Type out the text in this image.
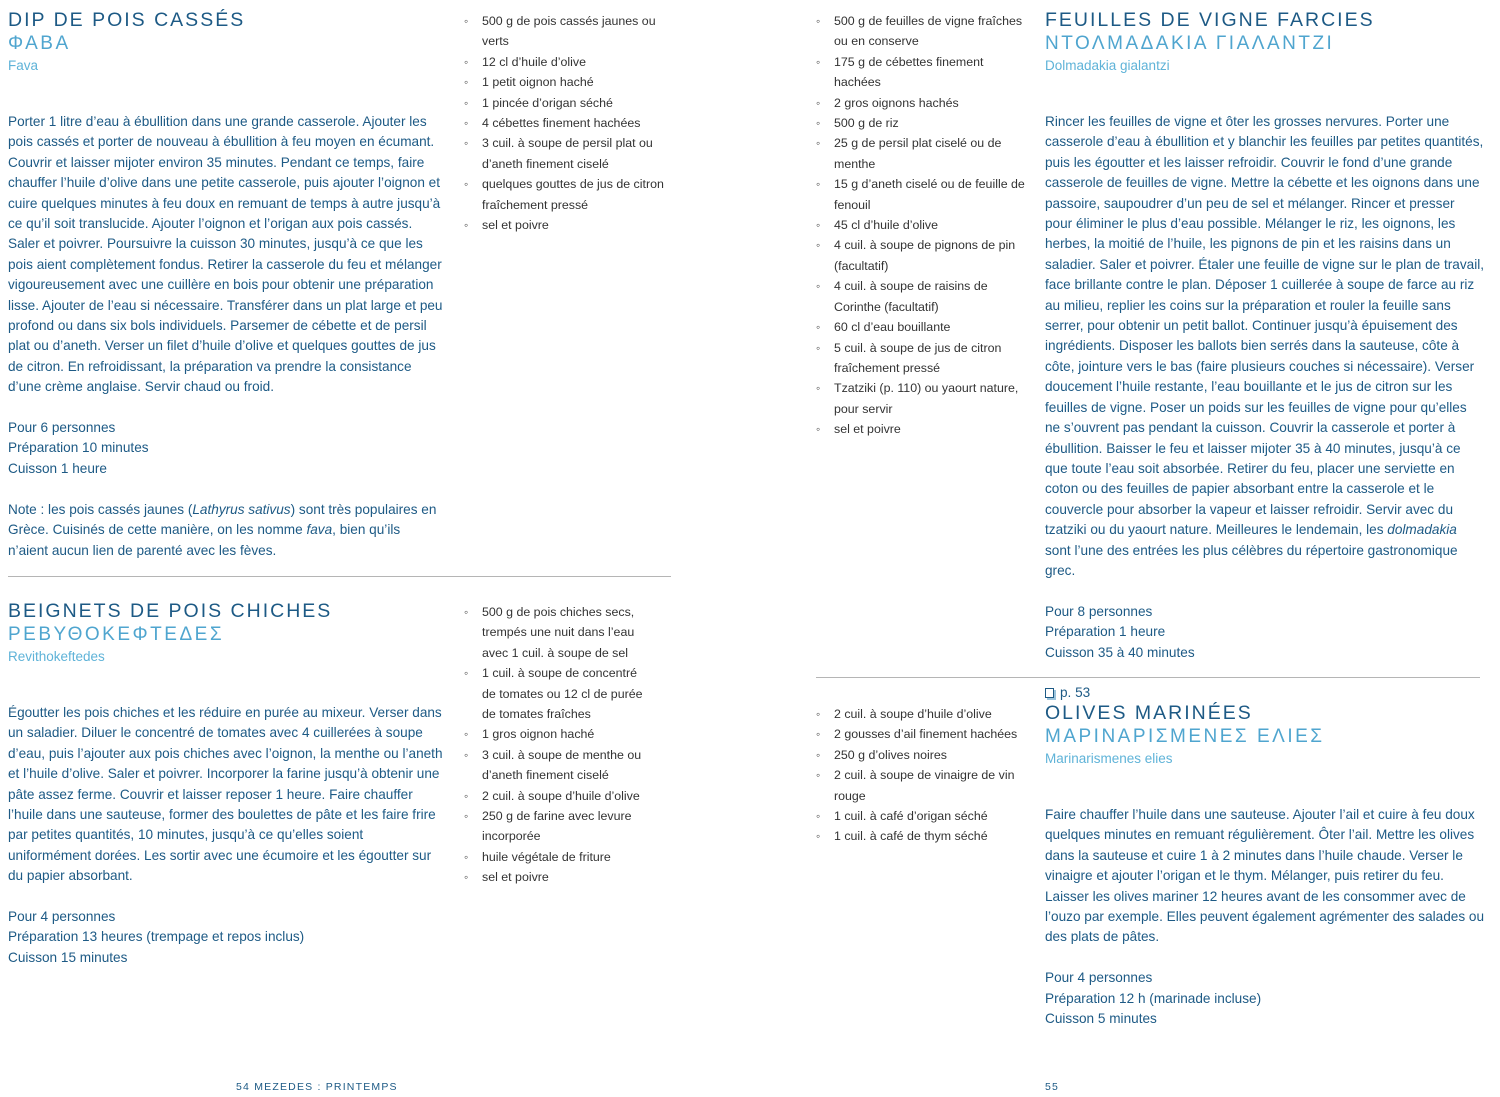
DIP DE POIS CASSÉS
ΦΑΒΑ
Fava

Porter 1 litre d’eau à ébullition dans une grande casserole. Ajouter les pois cassés et porter de nouveau à ébullition à feu moyen en écumant. Couvrir et laisser mijoter environ 35 minutes. Pendant ce temps, faire chauffer l’huile d’olive dans une petite casserole, puis ajouter l’oignon et cuire quelques minutes à feu doux en remuant de temps à autre jusqu’à ce qu’il soit translucide. Ajouter l’oignon et l’origan aux pois cassés. Saler et poivrer. Poursuivre la cuisson 30 minutes, jusqu’à ce que les pois aient complètement fondus. Retirer la casserole du feu et mélanger vigoureusement avec une cuillère en bois pour obtenir une préparation lisse. Ajouter de l’eau si nécessaire. Transférer dans un plat large et peu profond ou dans six bols individuels. Parsemer de cébette et de persil plat ou d’aneth. Verser un filet d’huile d’olive et quelques gouttes de jus de citron. En refroidissant, la préparation va prendre la consistance d’une crème anglaise. Servir chaud ou froid.

Pour 6 personnes
Préparation 10 minutes
Cuisson 1 heure

Note : les pois cassés jaunes (Lathyrus sativus) sont très populaires en Grèce. Cuisinés de cette manière, on les nomme fava, bien qu’ils n’aient aucun lien de parenté avec les fèves.

◦ 500 g de pois cassés jaunes ou verts
◦ 12 cl d’huile d’olive
◦ 1 petit oignon haché
◦ 1 pincée d’origan séché
◦ 4 cébettes finement hachées
◦ 3 cuil. à soupe de persil plat ou d’aneth finement ciselé
◦ quelques gouttes de jus de citron fraîchement pressé
◦ sel et poivre
BEIGNETS DE POIS CHICHES
ΡΕΒΥΘΟΚΕΦΤΕΔΕΣ
Revithokeftedes

Égoutter les pois chiches et les réduire en purée au mixeur. Verser dans un saladier. Diluer le concentré de tomates avec 4 cuillerées à soupe d’eau, puis l’ajouter aux pois chiches avec l’oignon, la menthe ou l’aneth et l’huile d’olive. Saler et poivrer. Incorporer la farine jusqu’à obtenir une pâte assez ferme. Couvrir et laisser reposer 1 heure. Faire chauffer l’huile dans une sauteuse, former des boulettes de pâte et les faire frire par petites quantités, 10 minutes, jusqu’à ce qu’elles soient uniformément dorées. Les sortir avec une écumoire et les égoutter sur du papier absorbant.

Pour 4 personnes
Préparation 13 heures (trempage et repos inclus)
Cuisson 15 minutes

◦ 500 g de pois chiches secs, trempés une nuit dans l’eau avec 1 cuil. à soupe de sel
◦ 1 cuil. à soupe de concentré de tomates ou 12 cl de purée de tomates fraîches
◦ 1 gros oignon haché
◦ 3 cuil. à soupe de menthe ou d’aneth finement ciselé
◦ 2 cuil. à soupe d’huile d’olive
◦ 250 g de farine avec levure incorporée
◦ huile végétale de friture
◦ sel et poivre
◦ 500 g de feuilles de vigne fraîches ou en conserve
◦ 175 g de cébettes finement hachées
◦ 2 gros oignons hachés
◦ 500 g de riz
◦ 25 g de persil plat ciselé ou de menthe
◦ 15 g d’aneth ciselé ou de feuille de fenouil
◦ 45 cl d’huile d’olive
◦ 4 cuil. à soupe de pignons de pin (facultatif)
◦ 4 cuil. à soupe de raisins de Corinthe (facultatif)
◦ 60 cl d’eau bouillante
◦ 5 cuil. à soupe de jus de citron fraîchement pressé
◦ Tzatziki (p. 110) ou yaourt nature, pour servir
◦ sel et poivre
FEUILLES DE VIGNE FARCIES
ΝΤΟΛΜΑΔΑΚΙΑ ΓΙΑΛΑΝΤΖΙ
Dolmadakia gialantzi

Rincer les feuilles de vigne et ôter les grosses nervures. Porter une casserole d’eau à ébullition et y blanchir les feuilles par petites quantités, puis les égoutter et les laisser refroidir. Couvrir le fond d’une grande casserole de feuilles de vigne. Mettre la cébette et les oignons dans une passoire, saupoudrer d’un peu de sel et mélanger. Rincer et presser pour éliminer le plus d’eau possible. Mélanger le riz, les oignons, les herbes, la moitié de l’huile, les pignons de pin et les raisins dans un saladier. Saler et poivrer. Étaler une feuille de vigne sur le plan de travail, face brillante contre le plan. Déposer 1 cuillerée à soupe de farce au riz au milieu, replier les coins sur la préparation et rouler la feuille sans serrer, pour obtenir un petit ballot. Continuer jusqu’à épuisement des ingrédients. Disposer les ballots bien serrés dans la sauteuse, côte à côte, jointure vers le bas (faire plusieurs couches si nécessaire). Verser doucement l’huile restante, l’eau bouillante et le jus de citron sur les feuilles de vigne. Poser un poids sur les feuilles de vigne pour qu’elles ne s’ouvrent pas pendant la cuisson. Couvrir la casserole et porter à ébullition. Baisser le feu et laisser mijoter 35 à 40 minutes, jusqu’à ce que toute l’eau soit absorbée. Retirer du feu, placer une serviette en coton ou des feuilles de papier absorbant entre la casserole et le couvercle pour absorber la vapeur et laisser refroidir. Servir avec du tzatziki ou du yaourt nature. Meilleures le lendemain, les dolmadakia sont l’une des entrées les plus célèbres du répertoire gastronomique grec.

Pour 8 personnes
Préparation 1 heure
Cuisson 35 à 40 minutes

p. 53
◦ 2 cuil. à soupe d’huile d’olive
◦ 2 gousses d’ail finement hachées
◦ 250 g d’olives noires
◦ 2 cuil. à soupe de vinaigre de vin rouge
◦ 1 cuil. à café d’origan séché
◦ 1 cuil. à café de thym séché
OLIVES MARINÉES
ΜΑΡΙΝΑΡΙΣΜΕΝΕΣ ΕΛΙΕΣ
Marinarismenes elies

Faire chauffer l’huile dans une sauteuse. Ajouter l’ail et cuire à feu doux quelques minutes en remuant régulièrement. Ôter l’ail. Mettre les olives dans la sauteuse et cuire 1 à 2 minutes dans l’huile chaude. Verser le vinaigre et ajouter l’origan et le thym. Mélanger, puis retirer du feu. Laisser les olives mariner 12 heures avant de les consommer avec de l’ouzo par exemple. Elles peuvent également agrémenter des salades ou des plats de pâtes.

Pour 4 personnes
Préparation 12 h (marinade incluse)
Cuisson 5 minutes

54 MEZEDES : PRINTEMPS	55
